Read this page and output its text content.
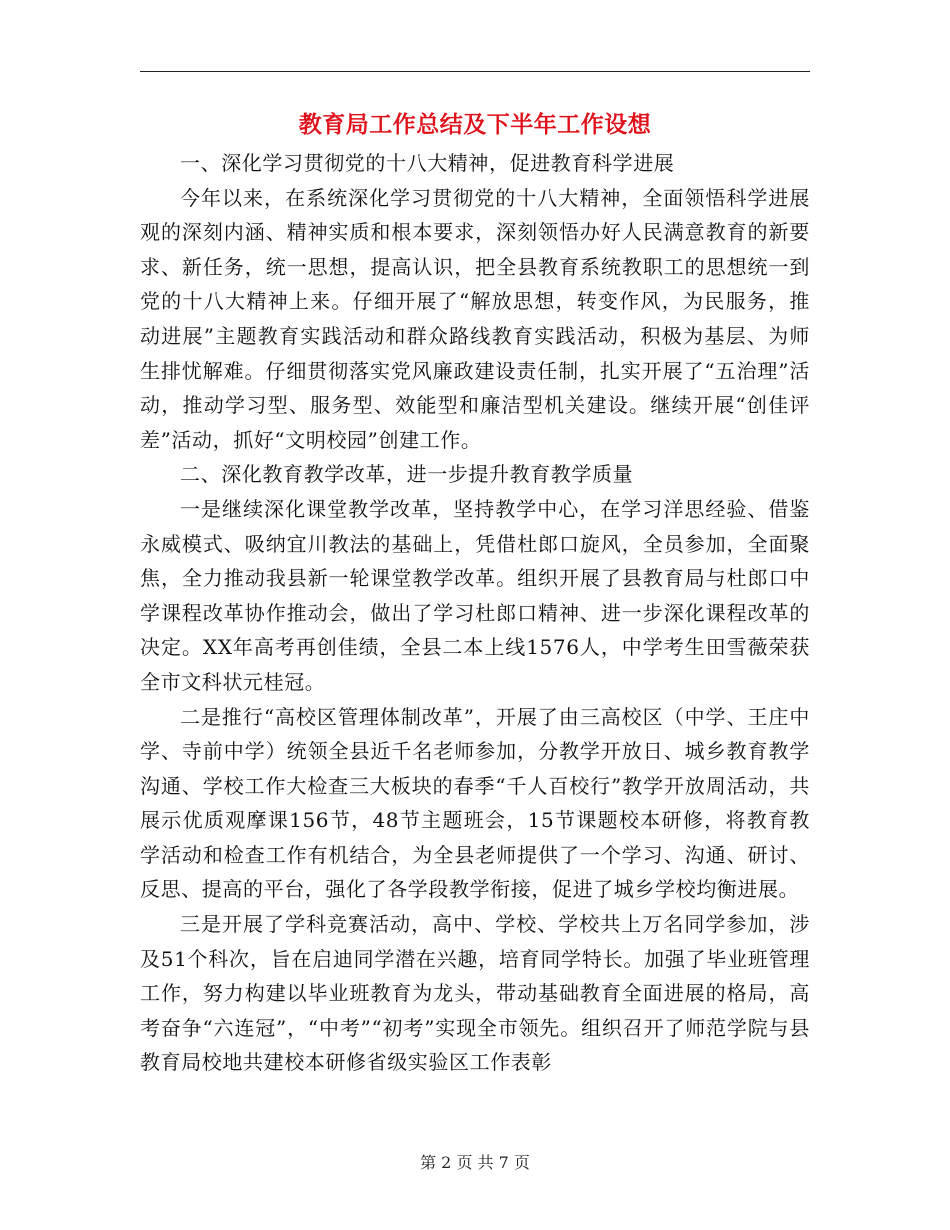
教育局工作总结及下半年工作设想

一、深化学习贯彻党的十八大精神，促进教育科学进展

今年以来，在系统深化学习贯彻党的十八大精神，全面领悟科学进展观的深刻内涵、精神实质和根本要求，深刻领悟办好人民满意教育的新要求、新任务，统一思想，提高认识，把全县教育系统教职工的思想统一到党的十八大精神上来。仔细开展了“解放思想，转变作风，为民服务，推动进展”主题教育实践活动和群众路线教育实践活动，积极为基层、为师生排忧解难。仔细贯彻落实党风廉政建设责任制，扎实开展了“五治理”活动，推动学习型、服务型、效能型和廉洁型机关建设。继续开展“创佳评差”活动，抓好“文明校园”创建工作。

二、深化教育教学改革，进一步提升教育教学质量

一是继续深化课堂教学改革，坚持教学中心，在学习洋思经验、借鉴永威模式、吸纳宜川教法的基础上，凭借杜郎口旋风，全员参加，全面聚焦，全力推动我县新一轮课堂教学改革。组织开展了县教育局与杜郎口中学课程改革协作推动会，做出了学习杜郎口精神、进一步深化课程改革的决定。XX年高考再创佳绩，全县二本上线1576人，中学考生田雪薇荣获全市文科状元桂冠。

二是推行“高校区管理体制改革”，开展了由三高校区（中学、王庄中学、寺前中学）统领全县近千名老师参加，分教学开放日、城乡教育教学沟通、学校工作大检查三大板块的春季“千人百校行”教学开放周活动，共展示优质观摩课156节，48节主题班会，15节课题校本研修，将教育教学活动和检查工作有机结合，为全县老师提供了一个学习、沟通、研讨、反思、提高的平台，强化了各学段教学衔接，促进了城乡学校均衡进展。

三是开展了学科竞赛活动，高中、学校、学校共上万名同学参加，涉及51个科次，旨在启迪同学潜在兴趣，培育同学特长。加强了毕业班管理工作，努力构建以毕业班教育为龙头，带动基础教育全面进展的格局，高考奋争“六连冠”，“中考”“初考”实现全市领先。组织召开了师范学院与县教育局校地共建校本研修省级实验区工作表彰

第 2 页 共 7 页
